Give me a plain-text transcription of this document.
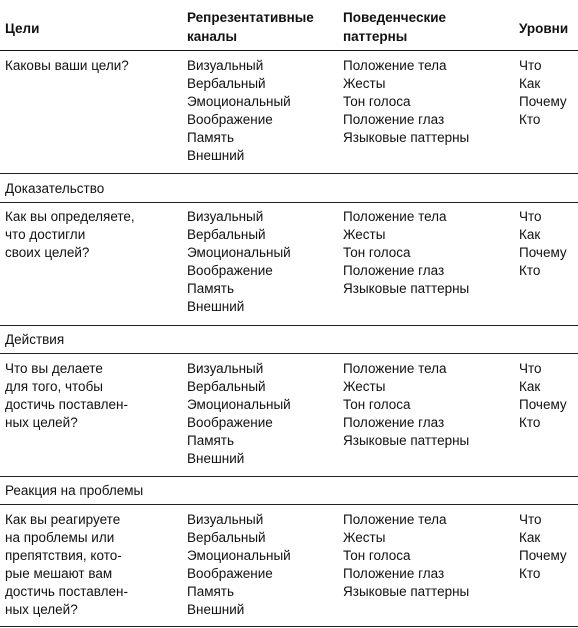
Цели
Репрезентативные
каналы
Поведенческие
паттерны
Уровни
Каковы ваши цели?	Визуальный
Вербальный
Эмоциональный
Воображение
Память
Внешний
Положение тела
Жесты
Тон голоса
Положение глаз
Языковые паттерны
Что
Как
Почему
Кто
Доказательство
Как вы определяете,
что достигли
своих целей?
Визуальный
Вербальный
Эмоциональный
Воображение
Память
Внешний
Положение тела
Жесты
Тон голоса
Положение глаз
Языковые паттерны
Что
Как
Почему
Кто
Действия
Что вы делаете
для того, чтобы
достичь поставлен-
ных целей?
Визуальный
Вербальный
Эмоциональный
Воображение
Память
Внешний
Положение тела
Жесты
Тон голоса
Положение глаз
Языковые паттерны
Что
Как
Почему
Кто
Реакция на проблемы
Как вы реагируете
на проблемы или
препятствия, кото-
рые мешают вам
достичь поставлен-
ных целей?
Визуальный
Вербальный
Эмоциональный
Воображение
Память
Внешний
Положение тела
Жесты
Тон голоса
Положение глаз
Языковые паттерны
Что
Как
Почему
Кто
